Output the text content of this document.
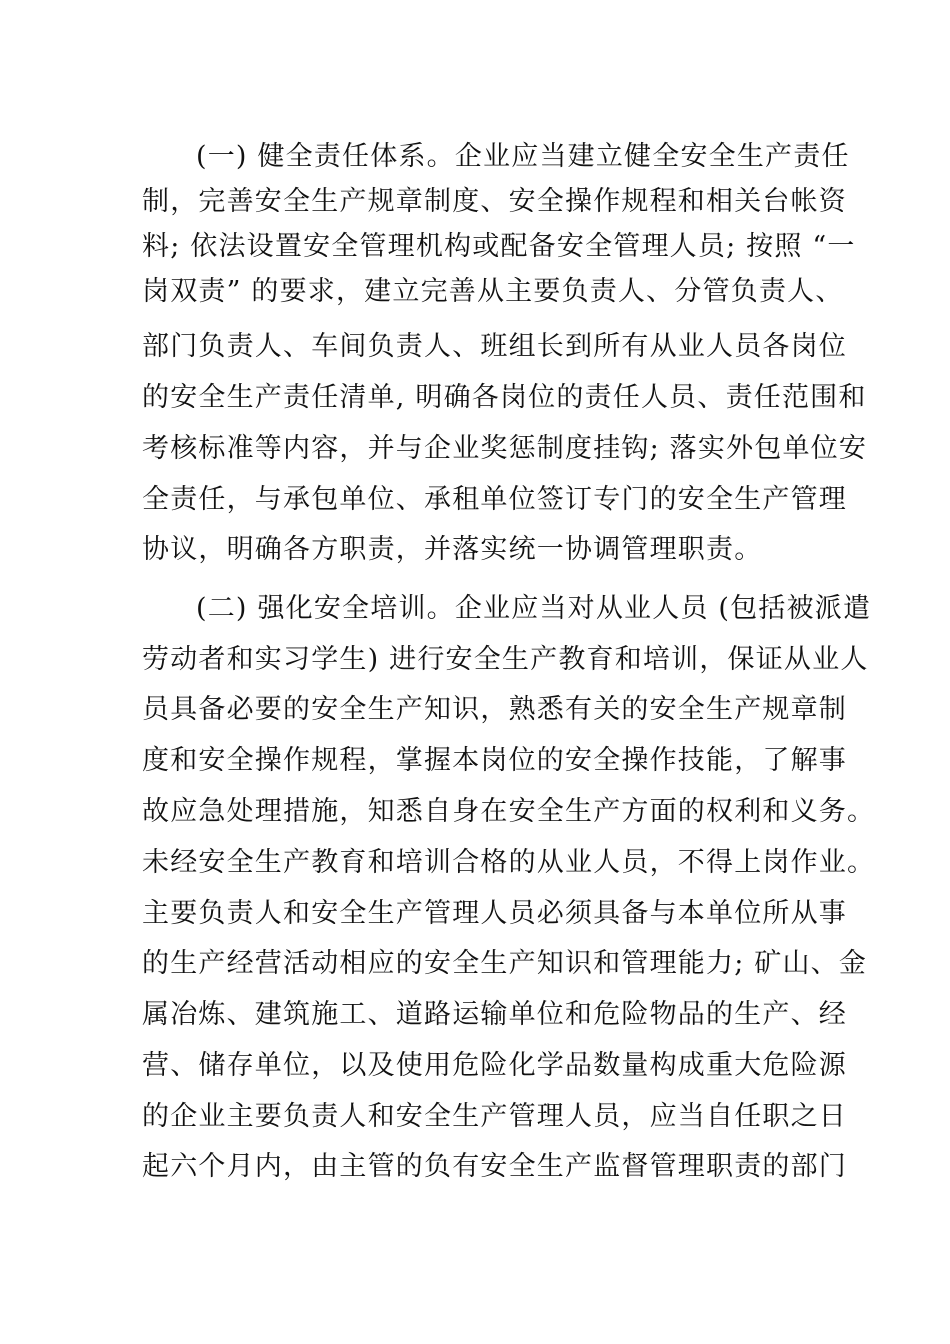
(一) 健全责任体系。企业应当建立健全安全生产责任
制，完善安全生产规章制度、安全操作规程和相关台帐资
料; 依法设置安全管理机构或配备安全管理人员; 按照 “一
岗双责” 的要求，建立完善从主要负责人、分管负责人、
部门负责人、车间负责人、班组长到所有从业人员各岗位
的安全生产责任清单, 明确各岗位的责任人员、责任范围和
考核标准等内容，并与企业奖惩制度挂钩; 落实外包单位安
全责任，与承包单位、承租单位签订专门的安全生产管理
协议，明确各方职责，并落实统一协调管理职责。
(二) 强化安全培训。企业应当对从业人员 (包括被派遣
劳动者和实习学生) 进行安全生产教育和培训，保证从业人
员具备必要的安全生产知识，熟悉有关的安全生产规章制
度和安全操作规程，掌握本岗位的安全操作技能，了解事
故应急处理措施，知悉自身在安全生产方面的权利和义务。
未经安全生产教育和培训合格的从业人员，不得上岗作业。
主要负责人和安全生产管理人员必须具备与本单位所从事
的生产经营活动相应的安全生产知识和管理能力; 矿山、金
属冶炼、建筑施工、道路运输单位和危险物品的生产、经
营、储存单位，以及使用危险化学品数量构成重大危险源
的企业主要负责人和安全生产管理人员，应当自任职之日
起六个月内，由主管的负有安全生产监督管理职责的部门
